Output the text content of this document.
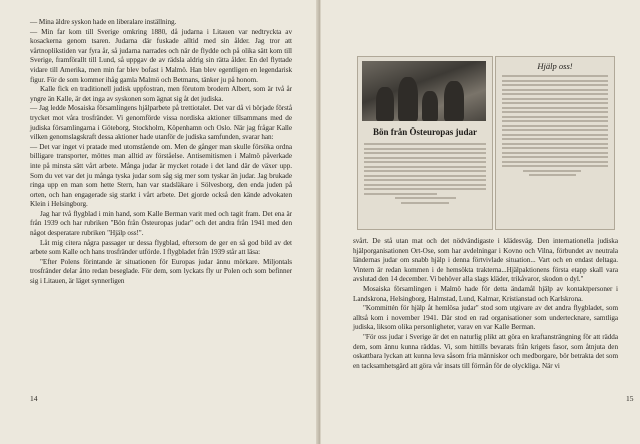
— Mina äldre syskon hade en liberalare inställning.

— Min far kom till Sverige omkring 1880, då judarna i Litauen var nedtryckta av kosackerna genom tsaren. Judarna där fuskade alltid med sin ålder. Jag tror att vårtnoplikstiden var fyra år, så judarna narrades och när de flydde och på olika sätt kom till Sverige, framförallt till Lund, så uppgav de av rädsla aldrig sin rätta ålder. En del flyttade vidare till Amerika, men min far blev bofast i Malmö. Han blev egentligen en legendarisk figur. För de som kommer ihåg gamla Malmö och Betmans, tänker ju på honom.

Kalle fick en traditionell judisk uppfostran, men förutom brodern Albert, som är två år yngre än Kalle, är det inga av syskonen som ägnat sig åt det judiska.

— Jag ledde Mosaiska församlingens hjälparbete på trettiotalet. Det var då vi började förstå trycket mot våra trosfränder. Vi genomförde vissa nordiska aktioner tillsammans med de judiska församlingarna i Göteborg, Stockholm, Köpenhamn och Oslo. När jag frågar Kalle vilken genomslagskraft dessa aktioner hade utanför de judiska samfunden, svarar han:

— Det var inget vi pratade med utomstående om. Men de gånger man skulle försöka ordna billigare transporter, möttes man alltid av förståelse. Antisemitismen i Malmö påverkade inte på minsta sätt vårt arbete. Många judar är mycket rotade i det land där de växer upp. Som du vet var det ju många tyska judar som såg sig mer som tyskar än judar. Jag brukade ringa upp en man som hette Stern, han var stadsläkare i Sölvesborg, den enda juden på orten, och han engagerade sig starkt i vårt arbete. Det gjorde också den kände advokaten Klein i Helsingborg.

Jag har två flygblad i min hand, som Kalle Berman varit med och tagit fram. Det ena är från 1939 och har rubriken "Bön från Östeuropas judar" och det andra från 1941 med den något desperatare rubriken "Hjälp oss!".

Låt mig citera några passager ur dessa flygblad, eftersom de ger en så god bild av det arbete som Kalle och hans trosfränder utförde. I flygbladet från 1939 står att läsa:

"Efter Polens förintande är situationen för Europas judar ännu mörkare. Miljontals trosfränder delar åtto redan beseglade. För dem, som lyckats fly ur Polen och som befinner sig i Litauen, är läget synnerligen

14
Bön från Östeuropas judar
Hjälp oss!

svårt. De stå utan mat och det nödvändigaste i klädesväg. Den internationella judiska hjälporganisationen Ort-Ose, som har avdelningar i Kovno och Vilna, förbundet av neutrala ländernas judar om snabb hjälp i denna förtvivlade situation... Vart och en endast deltaga. Vintern är redan kommen i de hemsökta trakterna...Hjälpaktionens första etapp skall vara avslutad den 14 december. Vi behöver alla slags kläder, trikåvaror, skodon o dyl."

Mosaiska församlingen i Malmö hade för detta ändamål hjälp av kontaktpersoner i Landskrona, Helsingborg, Halmstad, Lund, Kalmar, Kristianstad och Karlskrona.

"Kommittén för hjälp åt hemlösa judar" stod som utgivare av det andra flygbladet, som alltså kom i november 1941. Där stod en rad organisationer som undertecknare, samtliga judiska, liksom olika personligheter, varav en var Kalle Berman.

"För oss judar i Sverige är det en naturlig plikt att göra en kraftansträngning för att rädda dem, som ännu kunna räddas. Vi, som hittills bevarats från krigets fasor, som åtnjuta den oskattbara lyckan att kunna leva såsom fria människor och medborgare, bör betrakta det som en tacksamhetsgärd att göra vår insats till förmån för de olyckliga. När vi

15
